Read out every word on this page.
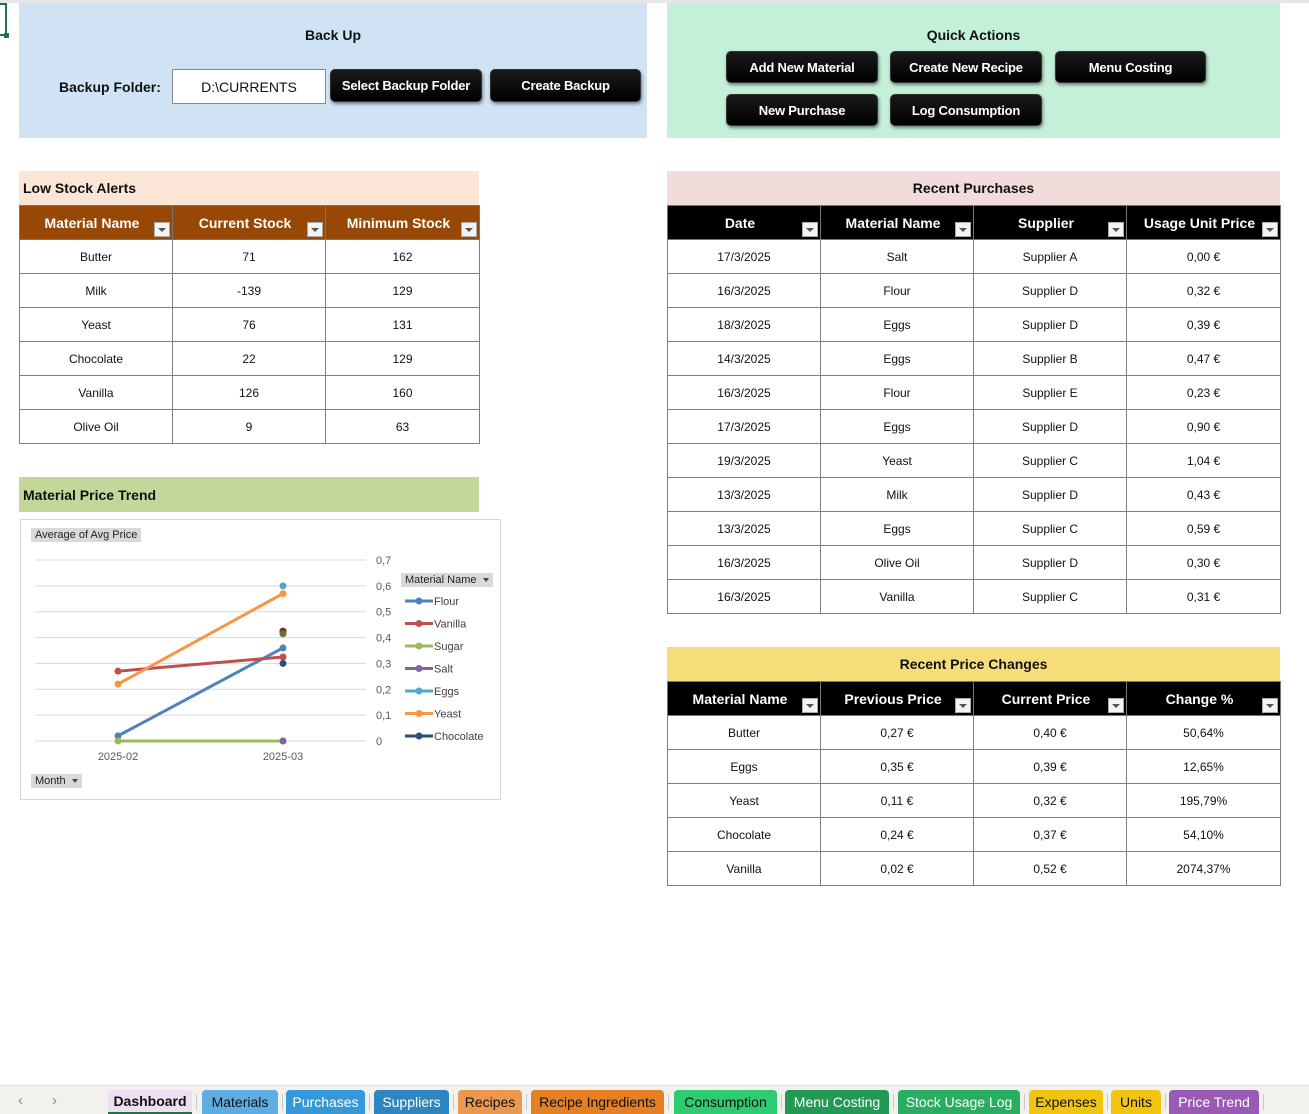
Back Up
Backup Folder:	D:\CURRENTS	Select Backup Folder	Create Backup
Quick Actions
Add New Material	Create New Recipe	Menu Costing
New Purchase	Log Consumption
Low Stock Alerts
Material Name	Current Stock	Minimum Stock

Butter	71	162
Milk	-139	129
Yeast	76	131
Chocolate	22	129
Vanilla	126	160
Olive Oil	9	63
Material Price Trend
Average of Avg Price
0
0,1
0,2
0,3
0,4
0,5
0,6
0,7
2025-02	2025-03
Flour
Vanilla
Sugar
Salt
Eggs
Yeast
Chocolate
Material Name
Month
Recent Purchases
Date	Material Name	Supplier	Usage Unit Price

17/3/2025	Salt	Supplier A	0,00 €
16/3/2025	Flour	Supplier D	0,32 €
18/3/2025	Eggs	Supplier D	0,39 €
14/3/2025	Eggs	Supplier B	0,47 €
16/3/2025	Flour	Supplier E	0,23 €
17/3/2025	Eggs	Supplier D	0,90 €
19/3/2025	Yeast	Supplier C	1,04 €
13/3/2025	Milk	Supplier D	0,43 €
13/3/2025	Eggs	Supplier C	0,59 €
16/3/2025	Olive Oil	Supplier D	0,30 €
16/3/2025	Vanilla	Supplier C	0,31 €
Recent Price Changes
Material Name	Previous Price	Current Price	Change %

Butter	0,27 €	0,40 €	50,64%
Eggs	0,35 €	0,39 €	12,65%
Yeast	0,11 €	0,32 €	195,79%
Chocolate	0,24 €	0,37 €	54,10%
Vanilla	0,02 €	0,52 €	2074,37%
‹ ›	Dashboard	Materials	Purchases	Suppliers	Recipes	Recipe Ingredients	Consumption	Menu Costing	Stock Usage Log	Expenses	Units	Price Trend
